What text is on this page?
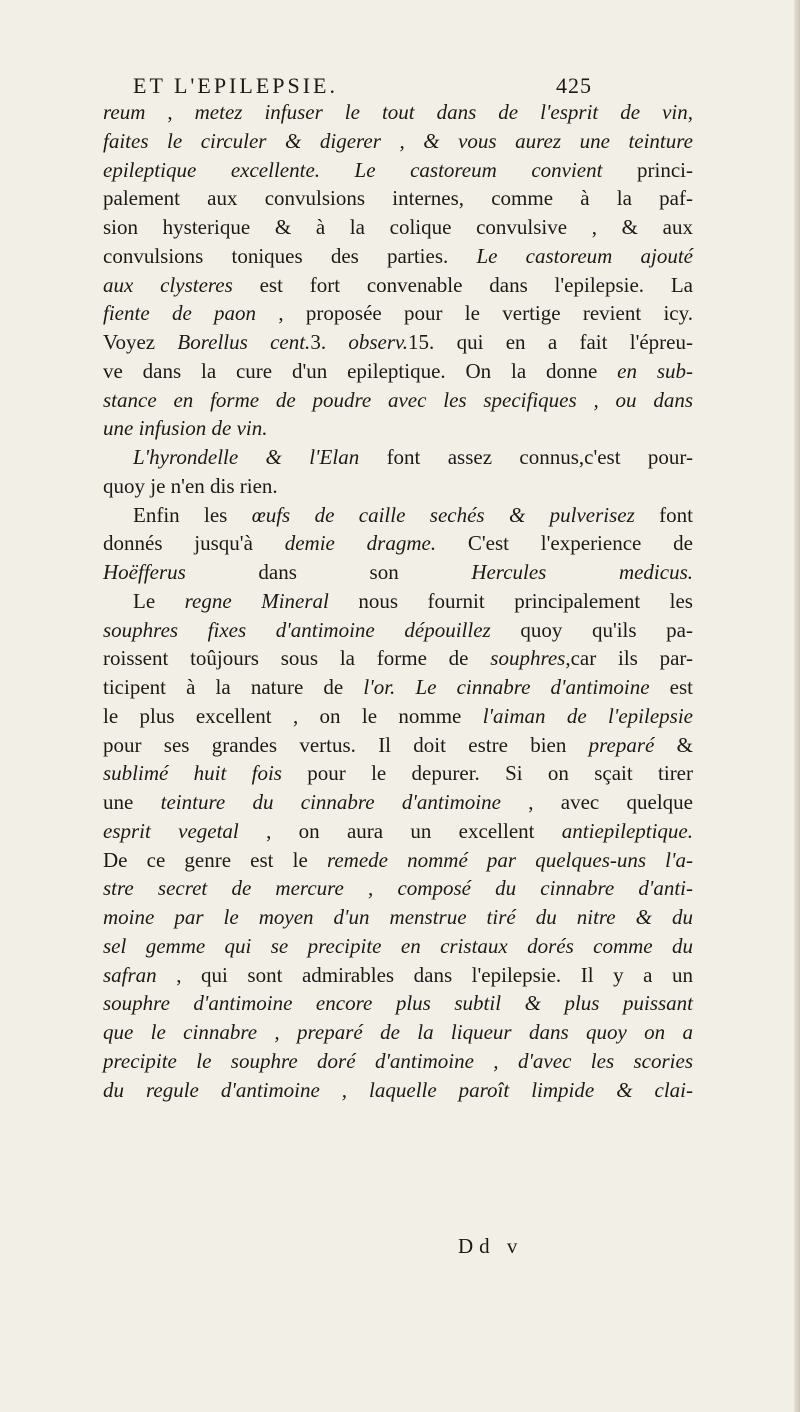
ET L'EPILEPSIE.	425
reum , metez infuser le tout dans de l'esprit de vin,
faites le circuler & digerer , & vous aurez une teinture
epileptique excellente. Le castoreum convient princi-
palement aux convulsions internes, comme à la paf-
sion hysterique & à la colique convulsive , & aux
convulsions toniques des parties. Le castoreum ajouté
aux clysteres est fort convenable dans l'epilepsie. La
fiente de paon , proposée pour le vertige revient icy.
Voyez Borellus cent.3. observ.15. qui en a fait l'épreu-
ve dans la cure d'un epileptique. On la donne en sub-
stance en forme de poudre avec les specifiques , ou dans
une infusion de vin.
L'hyrondelle & l'Elan font assez connus,c'est pour-
quoy je n'en dis rien.
Enfin les œufs de caille sechés & pulverisez font
donnés jusqu'à demie dragme. C'est l'experience de
Hoëfferus dans son Hercules medicus.
Le regne Mineral nous fournit principalement les
souphres fixes d'antimoine dépouillez quoy qu'ils pa-
roissent toûjours sous la forme de souphres,car ils par-
ticipent à la nature de l'or. Le cinnabre d'antimoine est
le plus excellent , on le nomme l'aiman de l'epilepsie
pour ses grandes vertus. Il doit estre bien preparé &
sublimé huit fois pour le depurer. Si on sçait tirer
une teinture du cinnabre d'antimoine , avec quelque
esprit vegetal , on aura un excellent antiepileptique.
De ce genre est le remede nommé par quelques-uns l'a-
stre secret de mercure , composé du cinnabre d'anti-
moine par le moyen d'un menstrue tiré du nitre & du
sel gemme qui se precipite en cristaux dorés comme du
safran , qui sont admirables dans l'epilepsie. Il y a un
souphre d'antimoine encore plus subtil & plus puissant
que le cinnabre , preparé de la liqueur dans quoy on a
precipite le souphre doré d'antimoine , d'avec les scories
du regule d'antimoine , laquelle paroît limpide & clai-
Dd v
